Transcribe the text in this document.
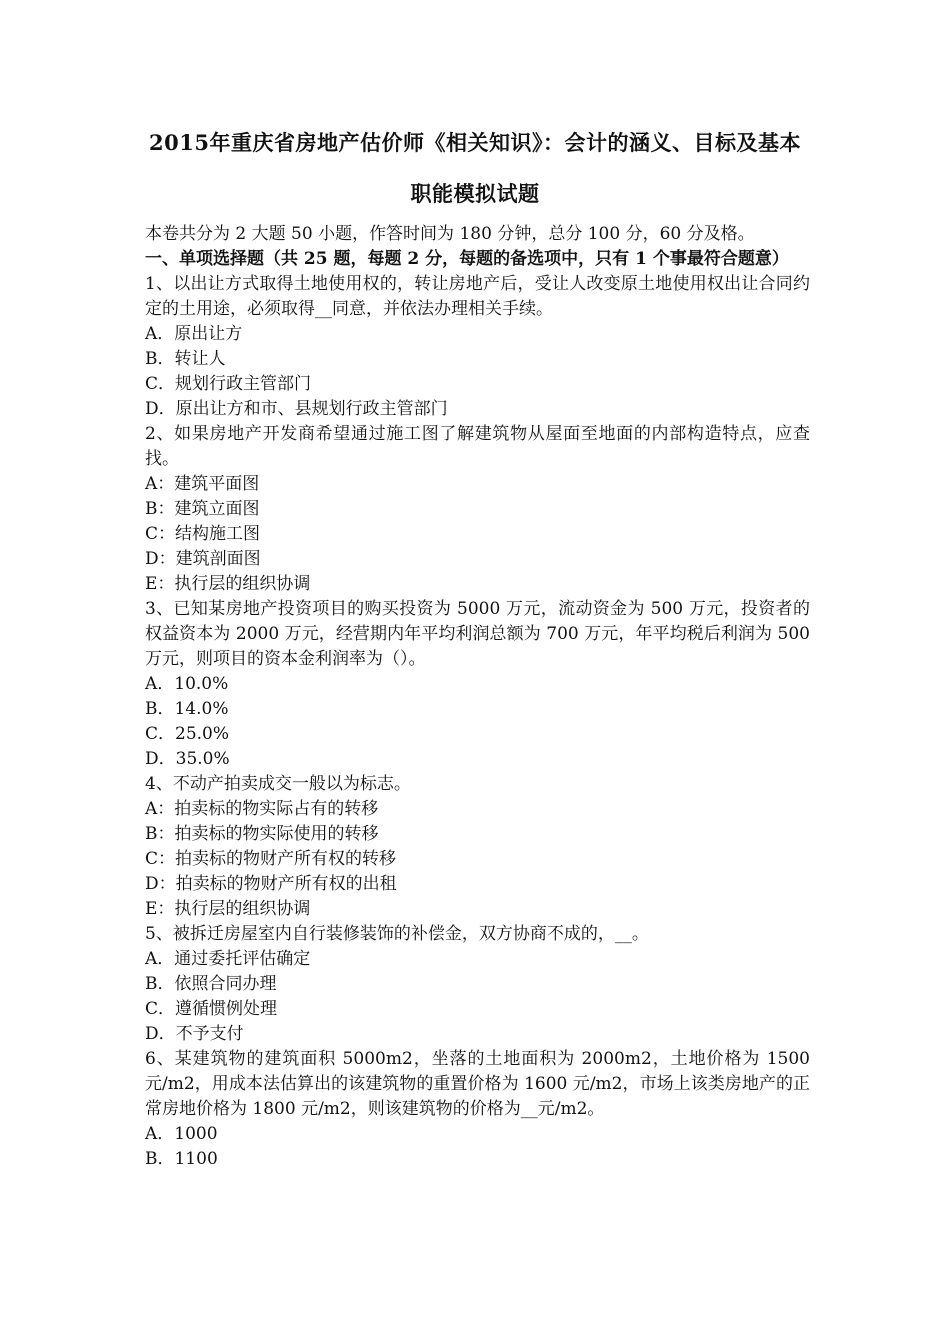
2015年重庆省房地产估价师《相关知识》：会计的涵义、目标及基本
职能模拟试题
本卷共分为 2 大题 50 小题，作答时间为 180 分钟，总分 100 分，60 分及格。
一、单项选择题（共 25 题，每题 2 分，每题的备选项中，只有 1 个事最符合题意）
1、以出让方式取得土地使用权的，转让房地产后，受让人改变原土地使用权出让合同约定的土用途，必须取得__同意，并依法办理相关手续。
A．原出让方
B．转让人
C．规划行政主管部门
D．原出让方和市、县规划行政主管部门
2、如果房地产开发商希望通过施工图了解建筑物从屋面至地面的内部构造特点，应查找。
A：建筑平面图
B：建筑立面图
C：结构施工图
D：建筑剖面图
E：执行层的组织协调
3、已知某房地产投资项目的购买投资为 5000 万元，流动资金为 500 万元，投资者的权益资本为 2000 万元，经营期内年平均利润总额为 700 万元，年平均税后利润为 500 万元，则项目的资本金利润率为（）。
A．10.0%
B．14.0%
C．25.0%
D．35.0%
4、不动产拍卖成交一般以为标志。
A：拍卖标的物实际占有的转移
B：拍卖标的物实际使用的转移
C：拍卖标的物财产所有权的转移
D：拍卖标的物财产所有权的出租
E：执行层的组织协调
5、被拆迁房屋室内自行装修装饰的补偿金，双方协商不成的，__。
A．通过委托评估确定
B．依照合同办理
C．遵循惯例处理
D．不予支付
6、某建筑物的建筑面积 5000m2，坐落的土地面积为 2000m2，土地价格为 1500 元/m2，用成本法估算出的该建筑物的重置价格为 1600 元/m2，市场上该类房地产的正常房地价格为 1800 元/m2，则该建筑物的价格为__元/m2。
A．1000
B．1100
